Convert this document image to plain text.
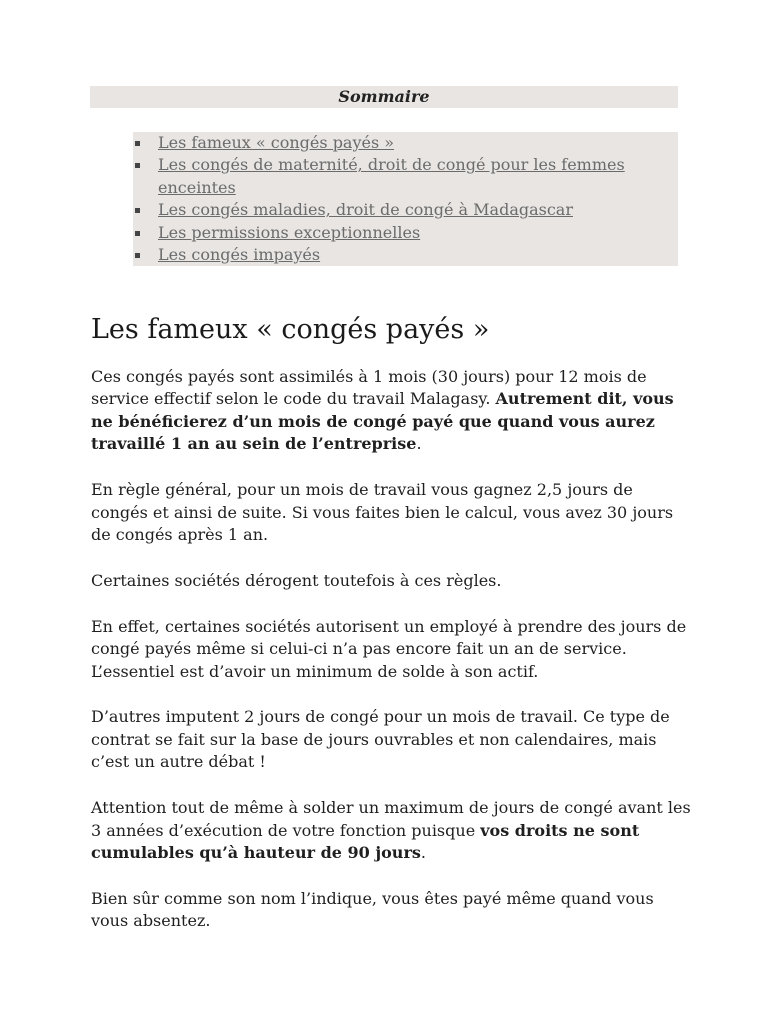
Sommaire
Les fameux « congés payés »
Les congés de maternité, droit de congé pour les femmes enceintes
Les congés maladies, droit de congé à Madagascar
Les permissions exceptionnelles
Les congés impayés
Les fameux « congés payés »

Ces congés payés sont assimilés à 1 mois (30 jours) pour 12 mois de service effectif selon le code du travail Malagasy. Autrement dit, vous ne bénéficierez d’un mois de congé payé que quand vous aurez travaillé 1 an au sein de l’entreprise.

En règle général, pour un mois de travail vous gagnez 2,5 jours de congés et ainsi de suite. Si vous faites bien le calcul, vous avez 30 jours de congés après 1 an.

Certaines sociétés dérogent toutefois à ces règles.

En effet, certaines sociétés autorisent un employé à prendre des jours de congé payés même si celui-ci n’a pas encore fait un an de service. L’essentiel est d’avoir un minimum de solde à son actif.

D’autres imputent 2 jours de congé pour un mois de travail. Ce type de contrat se fait sur la base de jours ouvrables et non calendaires, mais c’est un autre débat !

Attention tout de même à solder un maximum de jours de congé avant les 3 années d’exécution de votre fonction puisque vos droits ne sont cumulables qu’à hauteur de 90 jours.

Bien sûr comme son nom l’indique, vous êtes payé même quand vous vous absentez.
